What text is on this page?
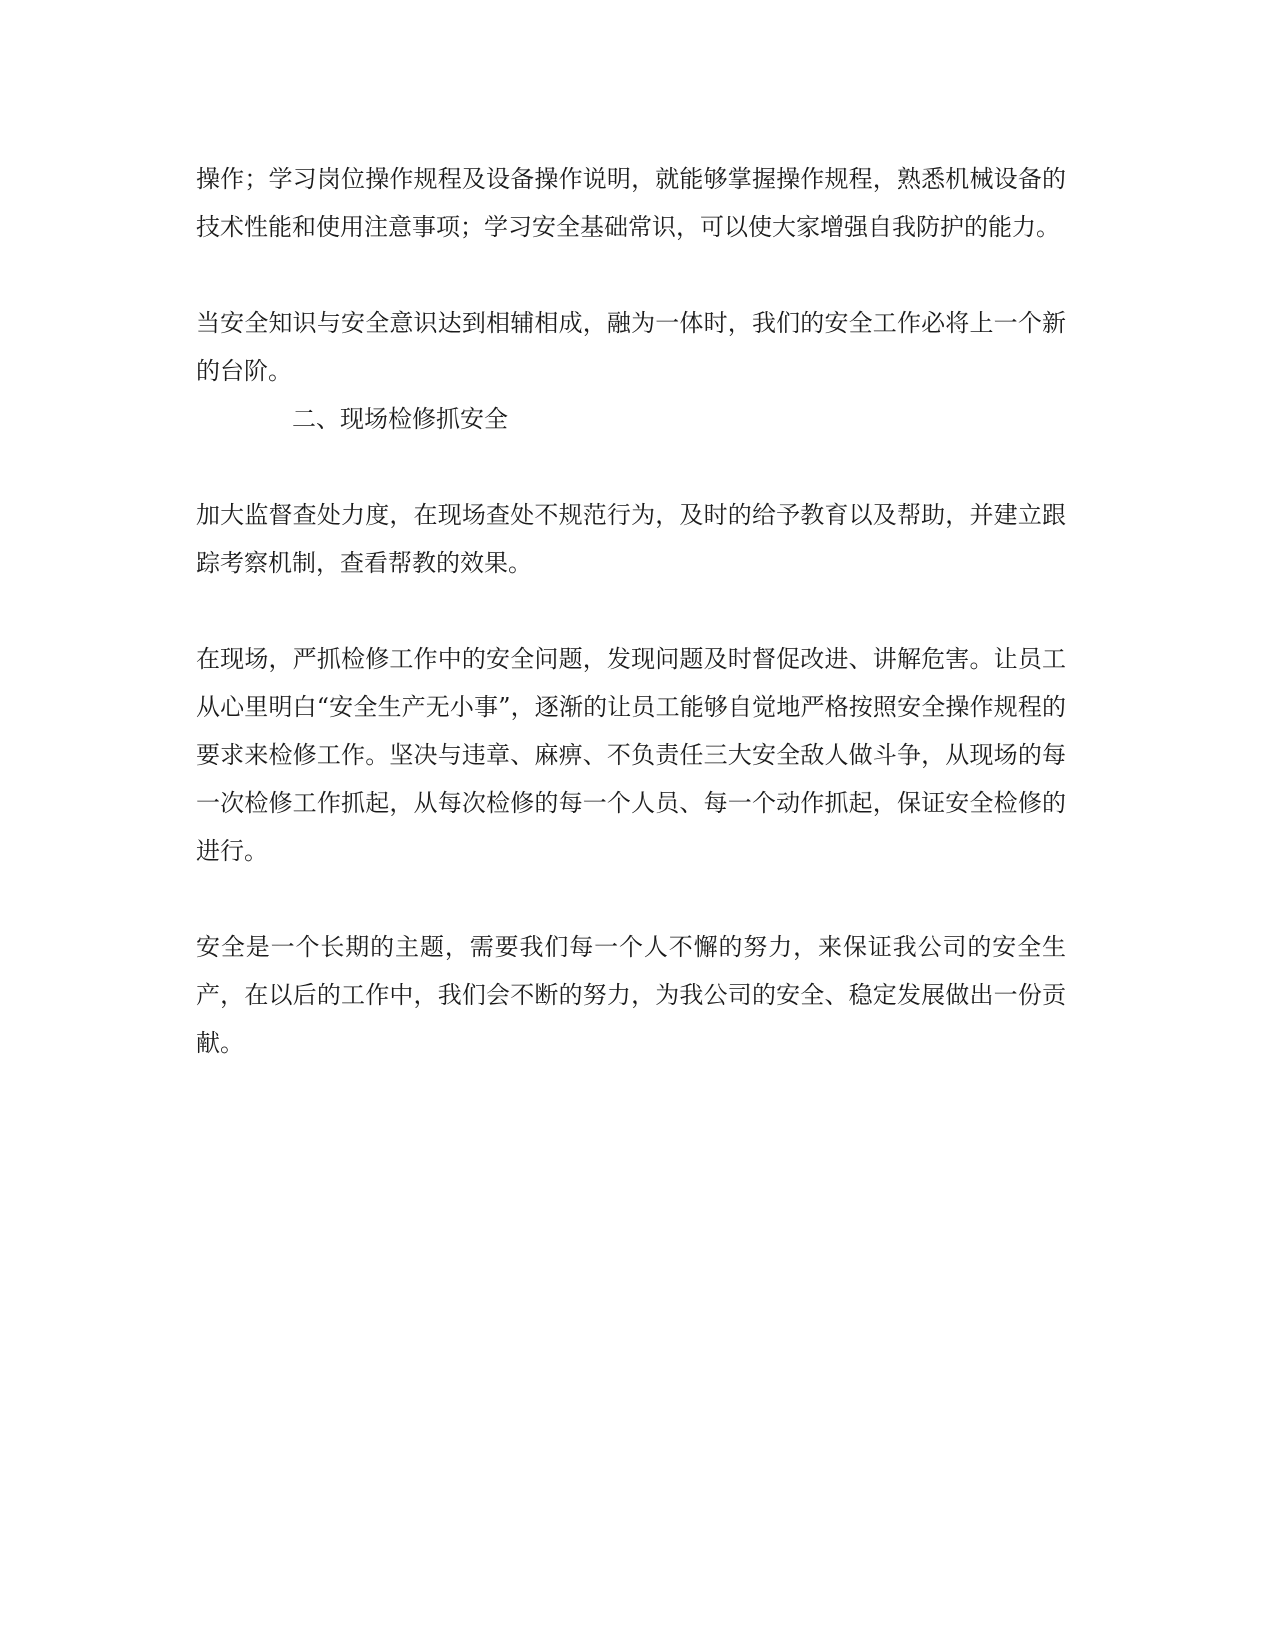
操作；学习岗位操作规程及设备操作说明，就能够掌握操作规程，熟悉机械设备的技术性能和使用注意事项；学习安全基础常识，可以使大家增强自我防护的能力。

当安全知识与安全意识达到相辅相成，融为一体时，我们的安全工作必将上一个新的台阶。

二、现场检修抓安全

加大监督查处力度，在现场查处不规范行为，及时的给予教育以及帮助，并建立跟踪考察机制，查看帮教的效果。

在现场，严抓检修工作中的安全问题，发现问题及时督促改进、讲解危害。让员工从心里明白“安全生产无小事”，逐渐的让员工能够自觉地严格按照安全操作规程的要求来检修工作。坚决与违章、麻痹、不负责任三大安全敌人做斗争，从现场的每一次检修工作抓起，从每次检修的每一个人员、每一个动作抓起，保证安全检修的进行。

安全是一个长期的主题，需要我们每一个人不懈的努力，来保证我公司的安全生产，在以后的工作中，我们会不断的努力，为我公司的安全、稳定发展做出一份贡献。
